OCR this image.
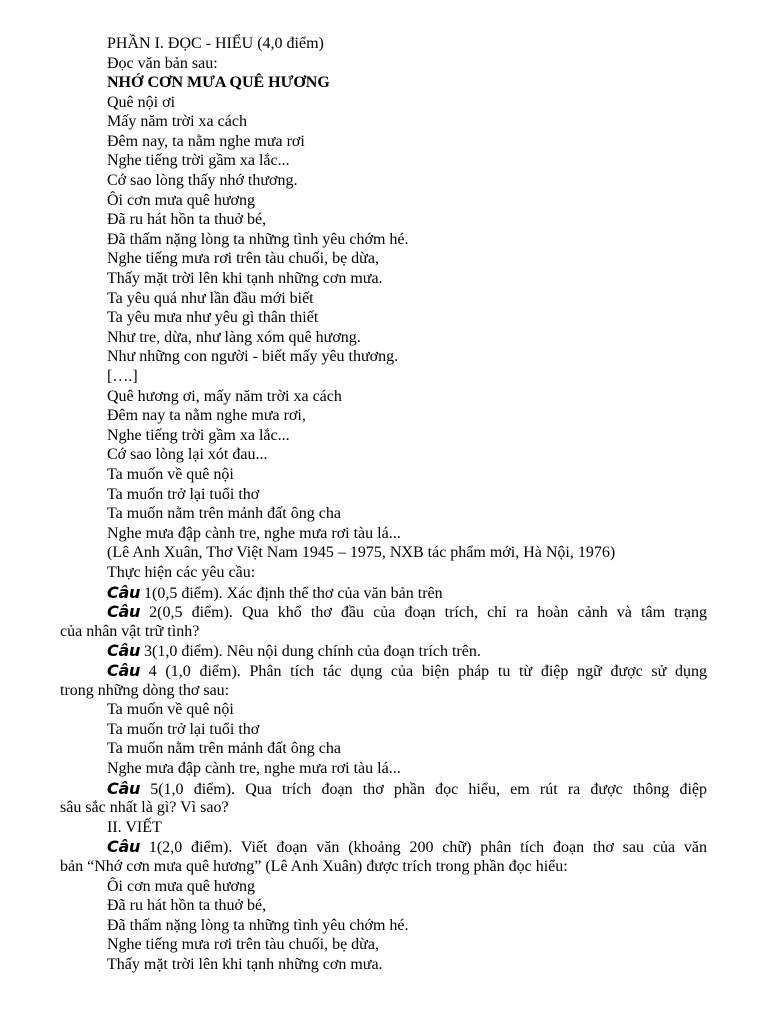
PHẦN I. ĐỌC - HIỂU (4,0 điểm)
Đọc văn bản sau:
NHỚ CƠN MƯA QUÊ HƯƠNG
Quê nội ơi
Mấy năm trời xa cách
Đêm nay, ta nằm nghe mưa rơi
Nghe tiếng trời gầm xa lắc...
Cớ sao lòng thấy nhớ thương.
Ôi cơn mưa quê hương
Đã ru hát hồn ta thuở bé,
Đã thấm nặng lòng ta những tình yêu chớm hé.
Nghe tiếng mưa rơi trên tàu chuối, bẹ dừa,
Thấy mặt trời lên khi tạnh những cơn mưa.
Ta yêu quá như lần đầu mới biết
Ta yêu mưa như yêu gì thân thiết
Như tre, dừa, như làng xóm quê hương.
Như những con người - biết mấy yêu thương.
[….]
Quê hương ơi, mấy năm trời xa cách
Đêm nay ta nằm nghe mưa rơi,
Nghe tiếng trời gầm xa lắc...
Cớ sao lòng lại xót đau...
Ta muốn về quê nội
Ta muốn trở lại tuổi thơ
Ta muốn nằm trên mảnh đất ông cha
Nghe mưa đập cành tre, nghe mưa rơi tàu lá...
(Lê Anh Xuân, Thơ Việt Nam 1945 – 1975, NXB tác phẩm mới, Hà Nội, 1976)
Thực hiện các yêu cầu:
Câu 1(0,5 điểm). Xác định thể thơ của văn bản trên
Câu 2(0,5 điểm). Qua khổ thơ đầu của đoạn trích, chỉ ra hoàn cảnh và tâm trạng
của nhân vật trữ tình?
Câu 3(1,0 điểm). Nêu nội dung chính của đoạn trích trên.
Câu 4 (1,0 điểm). Phân tích tác dụng của biện pháp tu từ điệp ngữ được sử dụng
trong những dòng thơ sau:
Ta muốn về quê nội
Ta muốn trở lại tuổi thơ
Ta muốn nằm trên mảnh đất ông cha
Nghe mưa đập cành tre, nghe mưa rơi tàu lá...
Câu 5(1,0 điểm). Qua trích đoạn thơ phần đọc hiểu, em rút ra được thông điệp
sâu sắc nhất là gì? Vì sao?
II. VIẾT
Câu 1(2,0 điểm). Viết đoạn văn (khoảng 200 chữ) phân tích đoạn thơ sau của văn
bản “Nhớ cơn mưa quê hương” (Lê Anh Xuân) được trích trong phần đọc hiểu:
Ôi cơn mưa quê hương
Đã ru hát hồn ta thuở bé,
Đã thấm nặng lòng ta những tình yêu chớm hé.
Nghe tiếng mưa rơi trên tàu chuối, bẹ dừa,
Thấy mặt trời lên khi tạnh những cơn mưa.
